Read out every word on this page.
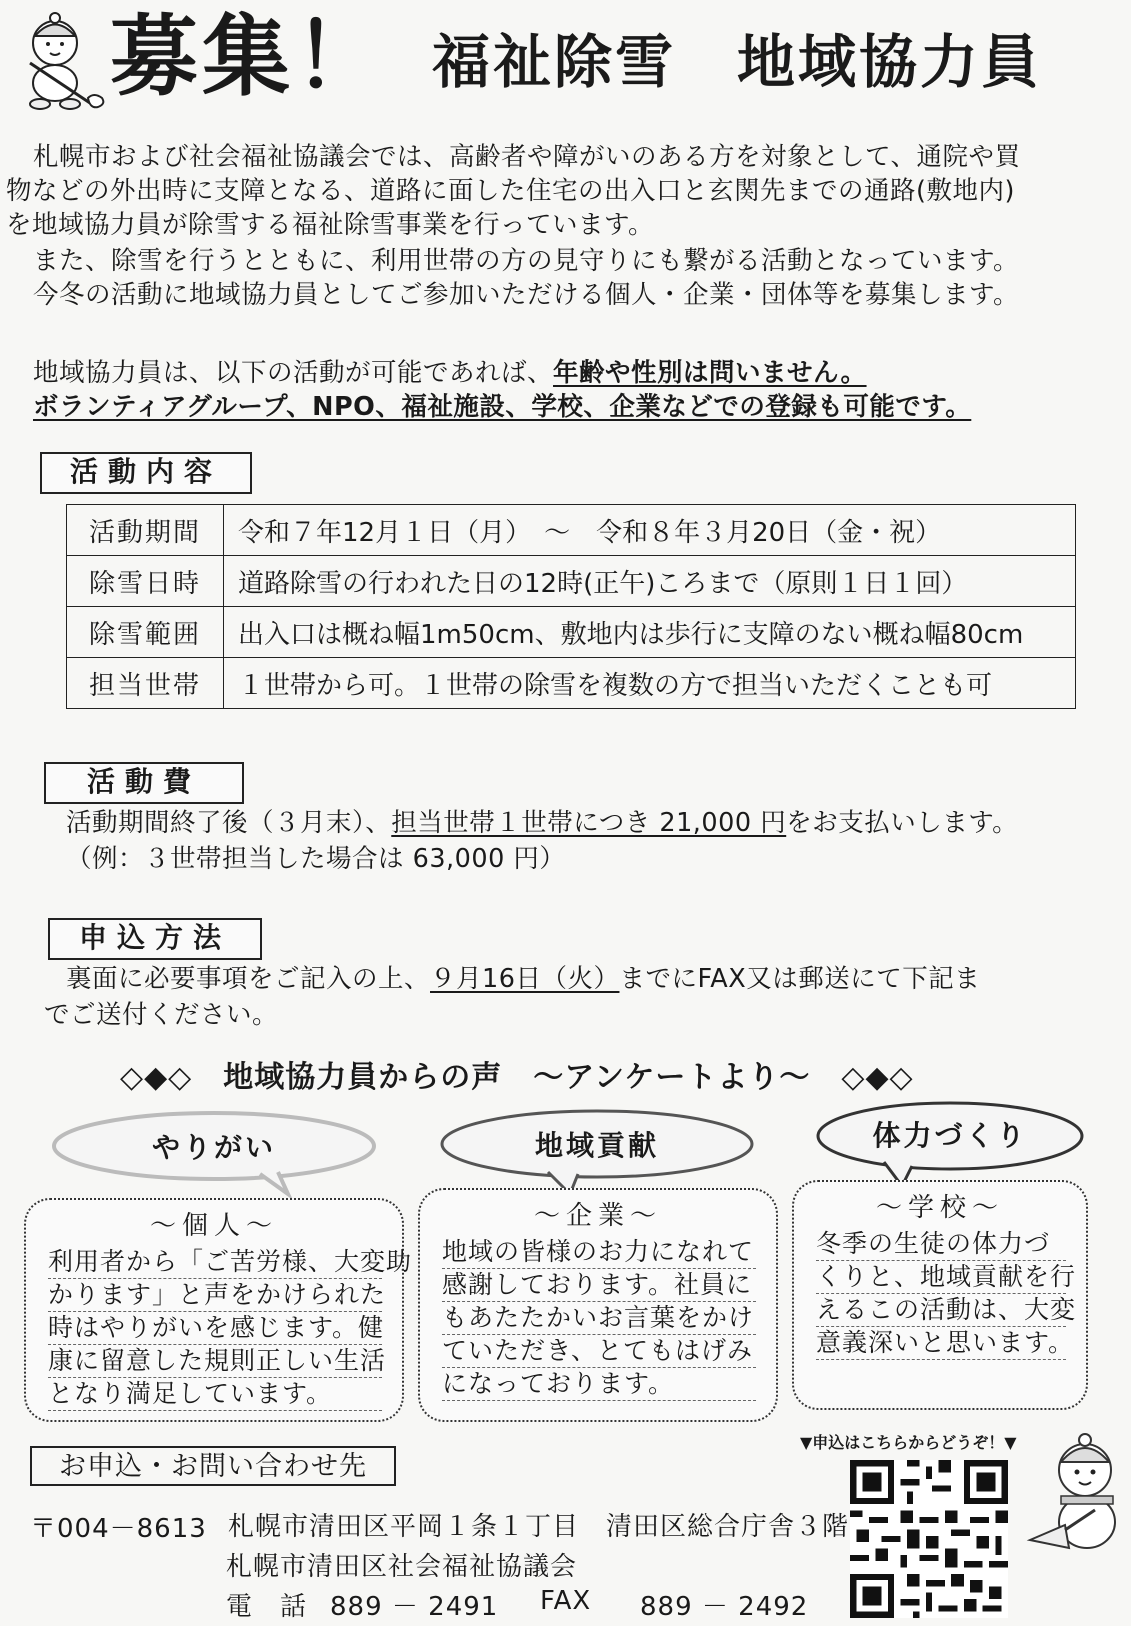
募集！ 福祉除雪　地域協力員
札幌市および社会福祉協議会では、高齢者や障がいのある方を対象として、通院や買
物などの外出時に支障となる、道路に面した住宅の出入口と玄関先までの通路(敷地内)
を地域協力員が除雪する福祉除雪事業を行っています。
また、除雪を行うとともに、利用世帯の方の見守りにも繋がる活動となっています。
今冬の活動に地域協力員としてご参加いただける個人・企業・団体等を募集します。
地域協力員は、以下の活動が可能であれば、年齢や性別は問いません。
ボランティアグループ、NPO、福祉施設、学校、企業などでの登録も可能です。
活動内容
活動期間	令和７年12月１日（月）　～　令和８年３月20日（金・祝）
除雪日時	道路除雪の行われた日の12時(正午)ころまで（原則１日１回）
除雪範囲	出入口は概ね幅1m50cm、敷地内は歩行に支障のない概ね幅80cm
担当世帯	１世帯から可。１世帯の除雪を複数の方で担当いただくことも可
活動費
活動期間終了後（３月末）、担当世帯１世帯につき 21,000 円をお支払いします。
（例：３世帯担当した場合は 63,000 円）
申込方法
裏面に必要事項をご記入の上、９月16日（火）までにFAX又は郵送にて下記ま
でご送付ください。
◇◆◇　地域協力員からの声　～アンケートより～　◇◆◇
やりがい
～個人～
利用者から「ご苦労様、大変助
かります」と声をかけられた
時はやりがいを感じます。健
康に留意した規則正しい生活
となり満足しています。
地域貢献
～企業～
地域の皆様のお力になれて
感謝しております。社員に
もあたたかいお言葉をかけ
ていただき、とてもはげみ
になっております。
体力づくり
～学校～
冬季の生徒の体力づ
くりと、地域貢献を行
えるこの活動は、大変
意義深いと思います。
お申込・お問い合わせ先
〒004－8613 札幌市清田区平岡１条１丁目　清田区総合庁舎３階
札幌市清田区社会福祉協議会
電　話 889 － 2491 FAX 889 － 2492
▼申込はこちらからどうぞ！▼
